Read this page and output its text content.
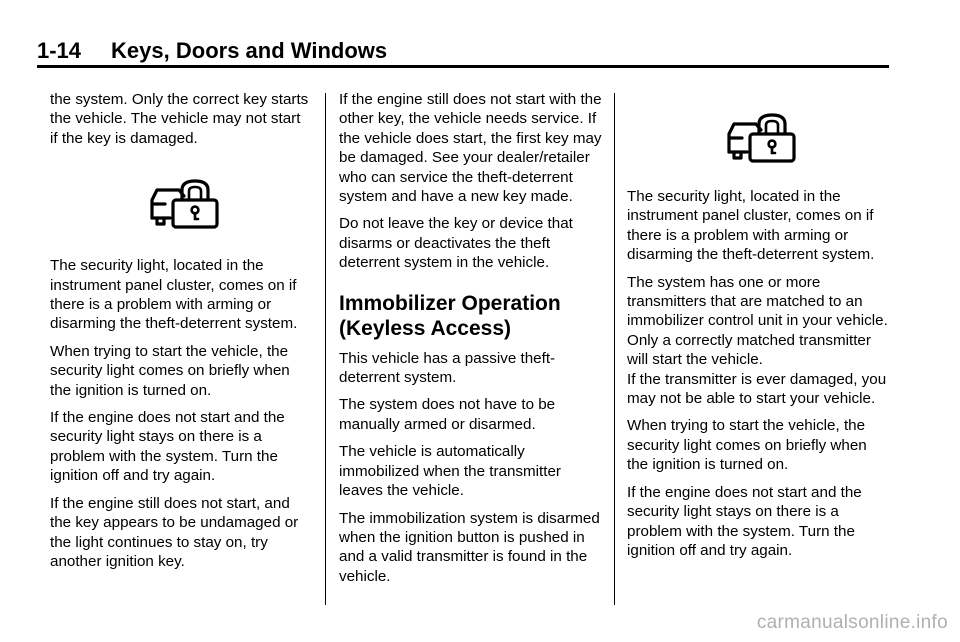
1-14 Keys, Doors and Windows

the system. Only the correct key starts the vehicle. The vehicle may not start if the key is damaged.

The security light, located in the instrument panel cluster, comes on if there is a problem with arming or disarming the theft-deterrent system.

When trying to start the vehicle, the security light comes on briefly when the ignition is turned on.

If the engine does not start and the security light stays on there is a problem with the system. Turn the ignition off and try again.

If the engine still does not start, and the key appears to be undamaged or the light continues to stay on, try another ignition key.

If the engine still does not start with the other key, the vehicle needs service. If the vehicle does start, the first key may be damaged. See your dealer/retailer who can service the theft-deterrent system and have a new key made.

Do not leave the key or device that disarms or deactivates the theft deterrent system in the vehicle.

Immobilizer Operation (Keyless Access)

This vehicle has a passive theft-deterrent system.

The system does not have to be manually armed or disarmed.

The vehicle is automatically immobilized when the transmitter leaves the vehicle.

The immobilization system is disarmed when the ignition button is pushed in and a valid transmitter is found in the vehicle.

The security light, located in the instrument panel cluster, comes on if there is a problem with arming or disarming the theft-deterrent system.

The system has one or more transmitters that are matched to an immobilizer control unit in your vehicle. Only a correctly matched transmitter will start the vehicle.

If the transmitter is ever damaged, you may not be able to start your vehicle.

When trying to start the vehicle, the security light comes on briefly when the ignition is turned on.

If the engine does not start and the security light stays on there is a problem with the system. Turn the ignition off and try again.

carmanualsonline.info
